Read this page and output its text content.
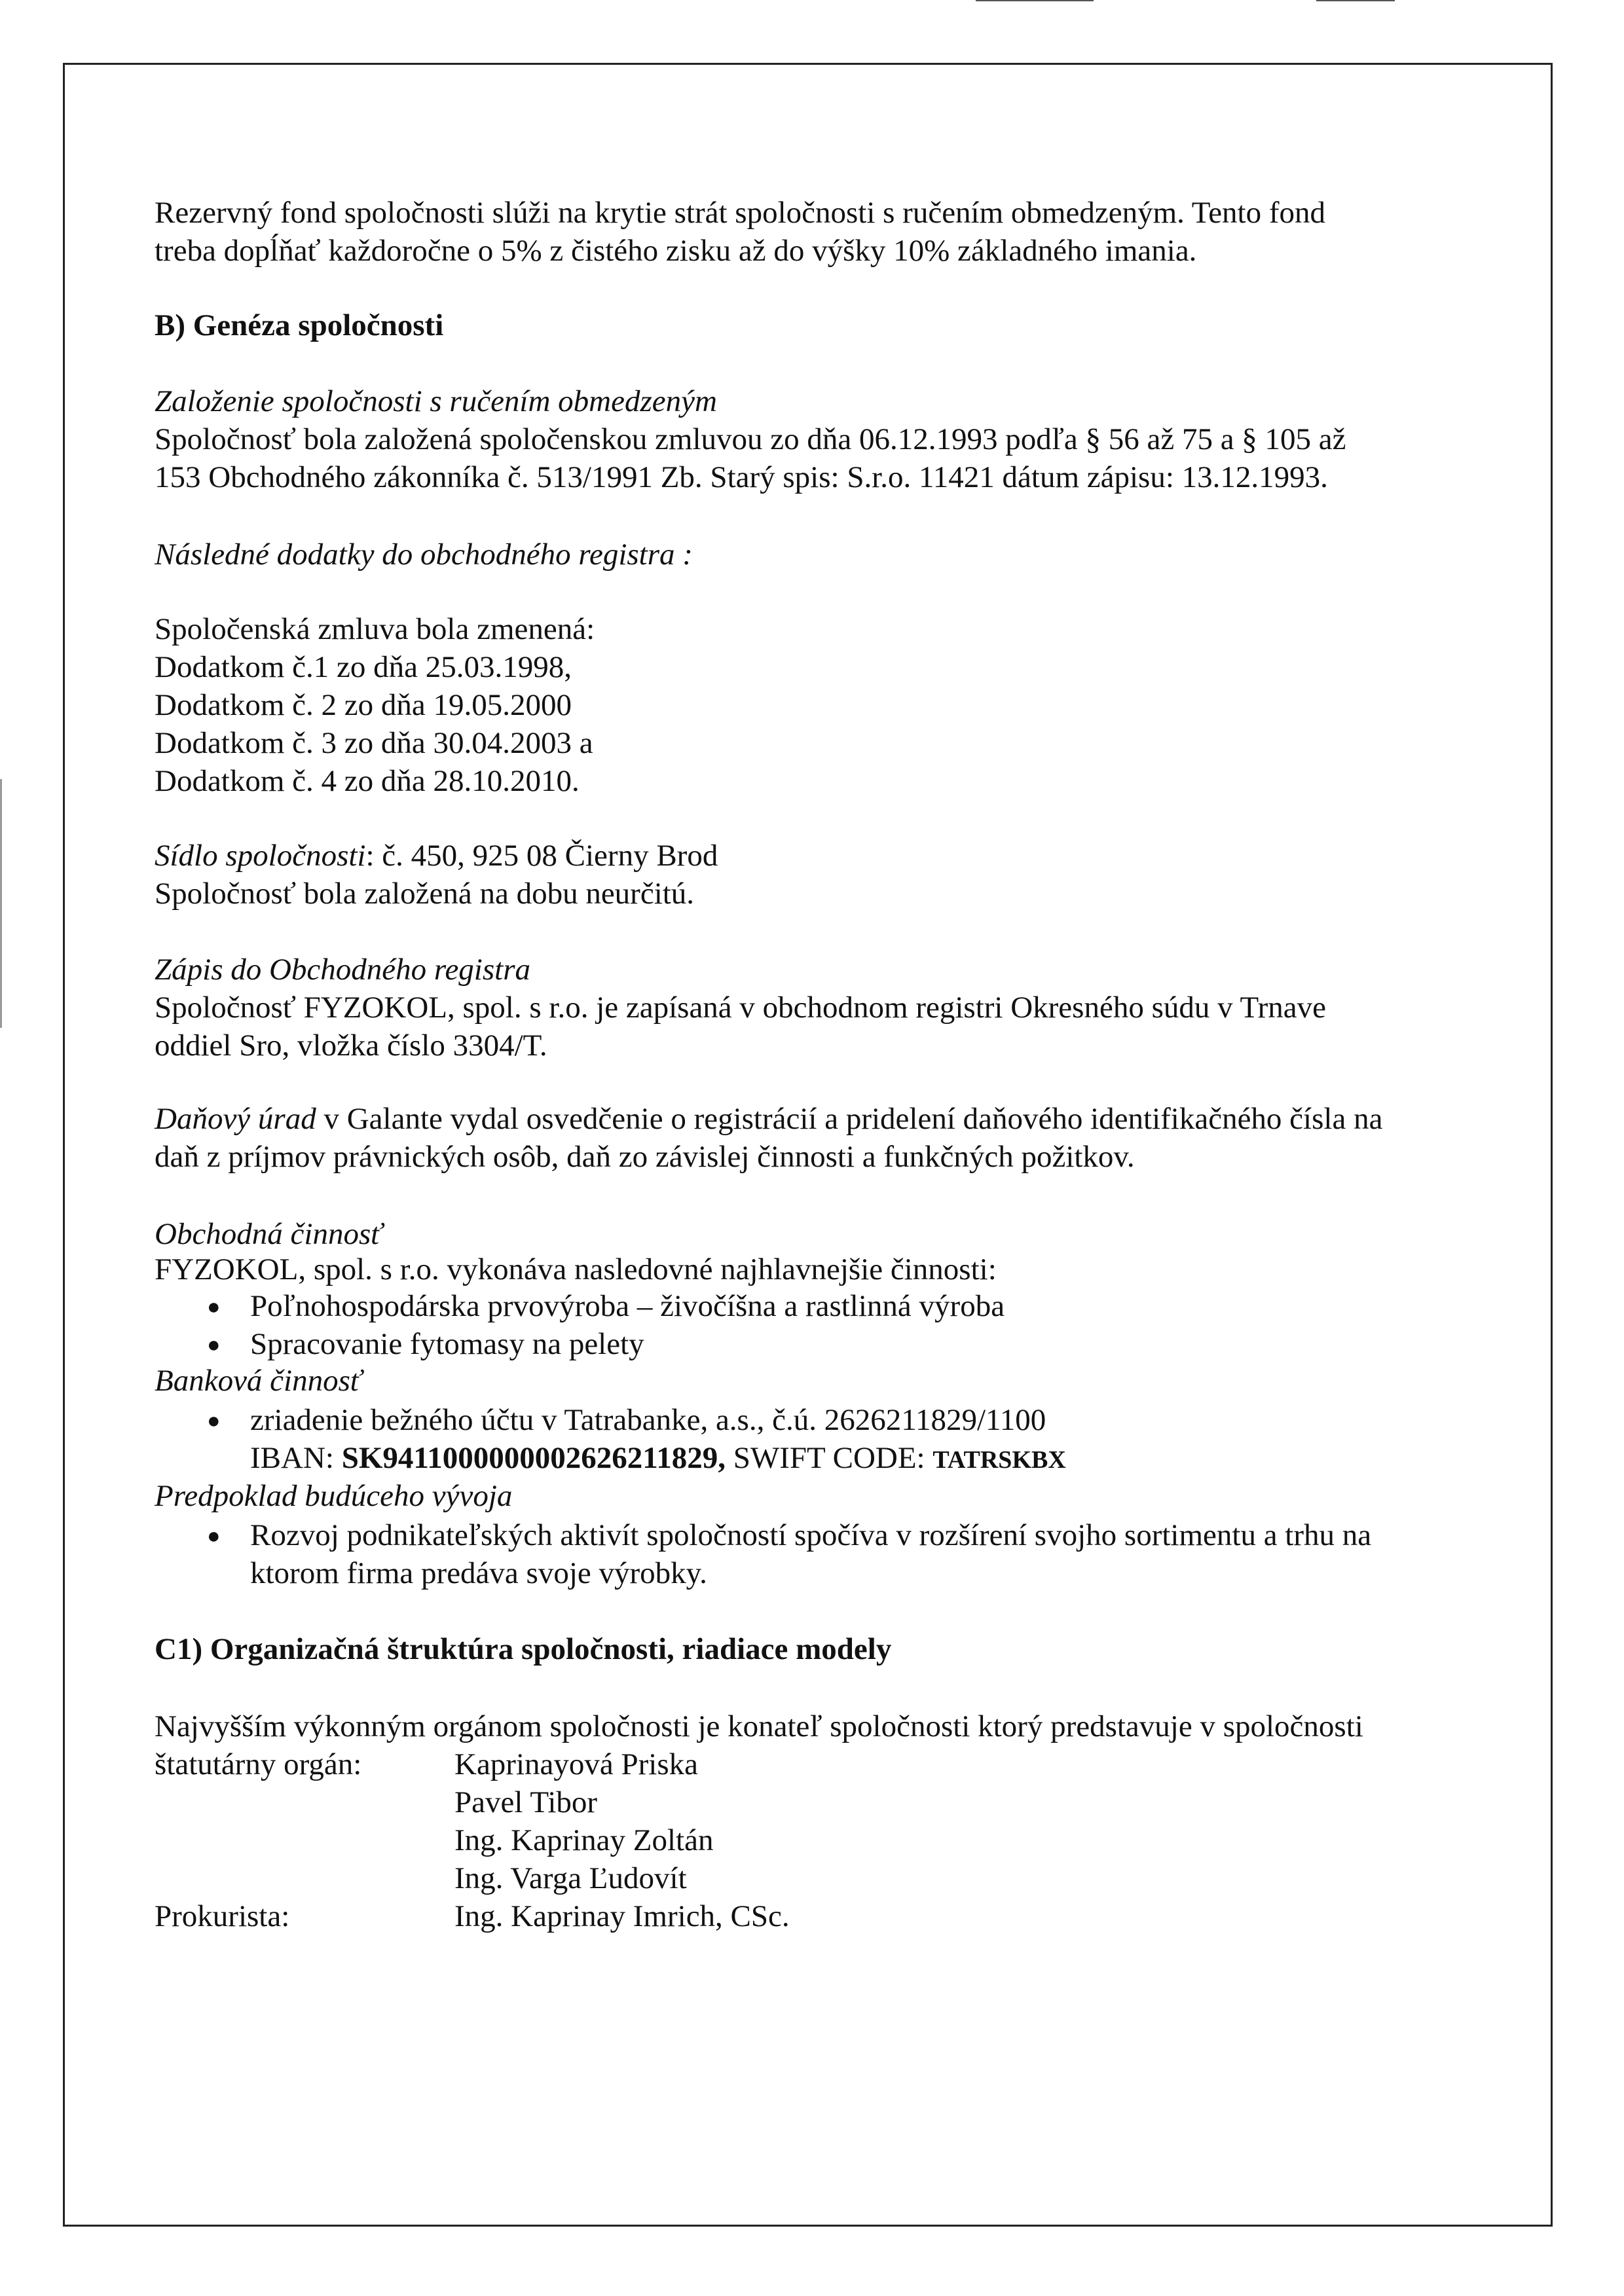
Rezervný fond spoločnosti slúži na krytie strát spoločnosti s ručením obmedzeným. Tento fond

treba dopĺňať každoročne o 5% z čistého zisku až do výšky 10% základného imania.

B) Genéza spoločnosti

Založenie spoločnosti s ručením obmedzeným

Spoločnosť bola založená spoločenskou zmluvou zo dňa 06.12.1993 podľa § 56 až 75 a § 105 až

153 Obchodného zákonníka č. 513/1991 Zb. Starý spis: S.r.o. 11421 dátum zápisu: 13.12.1993.

Následné dodatky do obchodného registra :

Spoločenská zmluva bola zmenená:

Dodatkom č.1 zo dňa 25.03.1998,

Dodatkom č. 2 zo dňa 19.05.2000

Dodatkom č. 3 zo dňa 30.04.2003 a

Dodatkom č. 4 zo dňa 28.10.2010.

Sídlo spoločnosti: č. 450, 925 08 Čierny Brod

Spoločnosť bola založená na dobu neurčitú.

Zápis do Obchodného registra

Spoločnosť FYZOKOL, spol. s r.o. je zapísaná v obchodnom registri Okresného súdu v Trnave

oddiel Sro, vložka číslo 3304/T.

Daňový úrad v Galante vydal osvedčenie o registrácií a pridelení daňového identifikačného čísla na

daň z príjmov právnických osôb, daň zo závislej činnosti a funkčných požitkov.

Obchodná činnosť

FYZOKOL, spol. s r.o. vykonáva nasledovné najhlavnejšie činnosti:

● Poľnohospodárska prvovýroba – živočíšna a rastlinná výroba

● Spracovanie fytomasy na pelety

Banková činnosť

● zriadenie bežného účtu v Tatrabanke, a.s., č.ú. 2626211829/1100

IBAN: SK9411000000002626211829, SWIFT CODE: TATRSKBX

Predpoklad budúceho vývoja

● Rozvoj podnikateľských aktivít spoločností spočíva v rozšírení svojho sortimentu a trhu na

ktorom firma predáva svoje výrobky.

C1) Organizačná štruktúra spoločnosti, riadiace modely

Najvyšším výkonným orgánom spoločnosti je konateľ spoločnosti ktorý predstavuje v spoločnosti

štatutárny orgán:	Kaprinayová Priska

Pavel Tibor

Ing. Kaprinay Zoltán

Ing. Varga Ľudovít

Prokurista:	Ing. Kaprinay Imrich, CSc.
